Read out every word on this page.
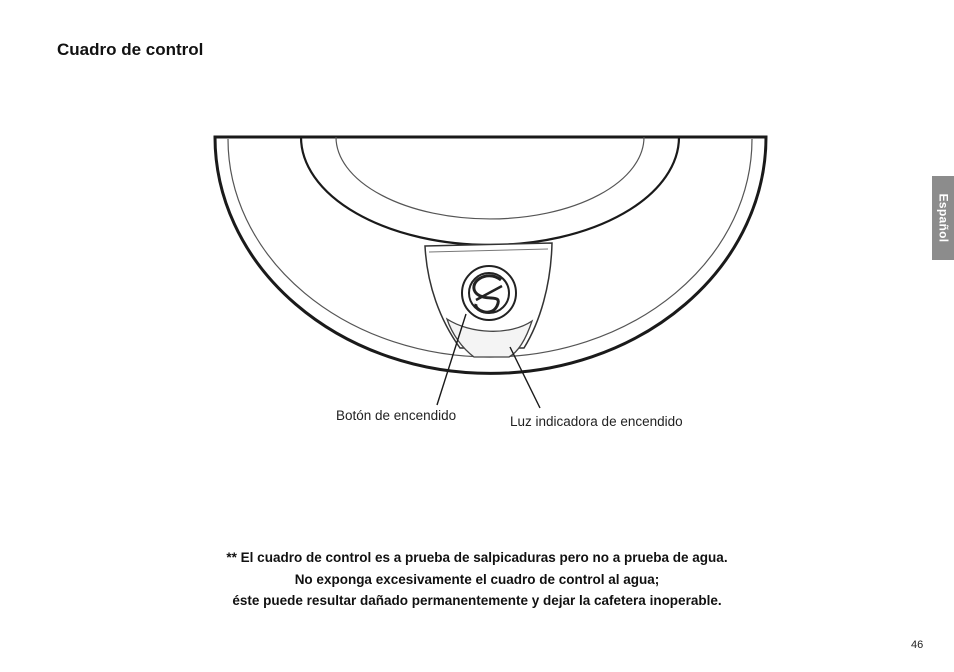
Cuadro de control
Español
Botón de encendido	Luz indicadora de encendido
** El cuadro de control es a prueba de salpicaduras pero no a prueba de agua.
No exponga excesivamente el cuadro de control al agua;
éste puede resultar dañado permanentemente y dejar la cafetera inoperable.
46
